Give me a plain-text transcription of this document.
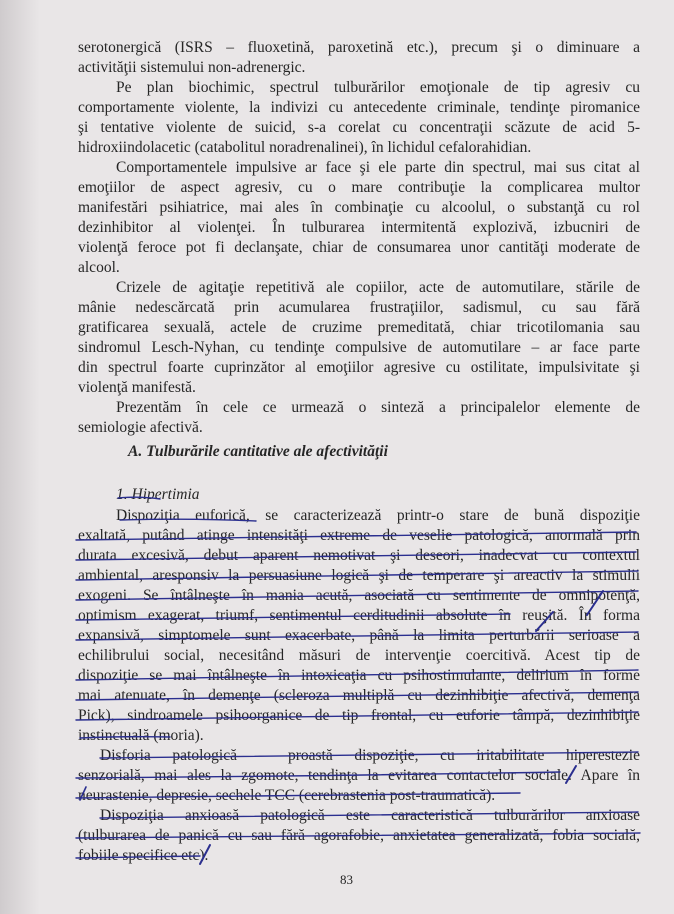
serotonergică (ISRS – fluoxetină, paroxetină etc.), precum şi o diminuare a
activităţii sistemului non-adrenergic.
Pe plan biochimic, spectrul tulburărilor emoţionale de tip agresiv cu
comportamente violente, la indivizi cu antecedente criminale, tendinţe piromanice
şi tentative violente de suicid, s-a corelat cu concentraţii scăzute de acid 5-
hidroxiindolacetic (catabolitul noradrenalinei), în lichidul cefalorahidian.
Comportamentele impulsive ar face şi ele parte din spectrul, mai sus citat al
emoţiilor de aspect agresiv, cu o mare contribuţie la complicarea multor
manifestări psihiatrice, mai ales în combinaţie cu alcoolul, o substanţă cu rol
dezinhibitor al violenţei. În tulburarea intermitentă explozivă, izbucniri de
violenţă feroce pot fi declanşate, chiar de consumarea unor cantităţi moderate de
alcool.
Crizele de agitaţie repetitivă ale copiilor, acte de automutilare, stările de
mânie nedescărcată prin acumularea frustraţiilor, sadismul, cu sau fără
gratificarea sexuală, actele de cruzime premeditată, chiar tricotilomania sau
sindromul Lesch-Nyhan, cu tendinţe compulsive de automutilare – ar face parte
din spectrul foarte cuprinzător al emoţiilor agresive cu ostilitate, impulsivitate şi
violenţă manifestă.
Prezentăm în cele ce urmează o sinteză a principalelor elemente de
semiologie afectivă.
A. Tulburările cantitative ale afectivităţii
1. Hipertimia
Dispoziţia euforică, se caracterizează printr-o stare de bună dispoziţie
exaltată, putând atinge intensităţi extreme de veselie patologică, anormală prin
durata excesivă, debut aparent nemotivat şi deseori, inadecvat cu contextul
ambiental, aresponsiv la persuasiune logică şi de temperare şi areactiv la stimulii
exogeni. Se întâlneşte în mania acută, asociată cu sentimente de omnipotenţă,
optimism exagerat, triumf, sentimentul cerditudinii absolute în reuşită. În forma
expansivă, simptomele sunt exacerbate, până la limita perturbării serioase a
echilibrului social, necesitând măsuri de intervenţie coercitivă. Acest tip de
dispoziţie se mai întâlneşte în intoxicaţia cu psihostimulante, delirium în forme
mai atenuate, în demenţe (scleroza multiplă cu dezinhibiţie afectivă, demenţa
Pick), sindroamele psihoorganice de tip frontal, cu euforie tâmpă, dezinhibiţie
instinctuală (moria).
Disforia patologică – proastă dispoziţie, cu iritabilitate hiperestezie
senzorială, mai ales la zgomote, tendinţa la evitarea contactelor sociale. Apare în
neurastenie, depresie, sechele TCC (cerebrastenia post-traumatică).
Dispoziţia anxioasă patologică este caracteristică tulburărilor anxioase
(tulburarea de panică cu sau fără agorafobie, anxietatea generalizată, fobia socială,
fobiile specifice etc).
83
